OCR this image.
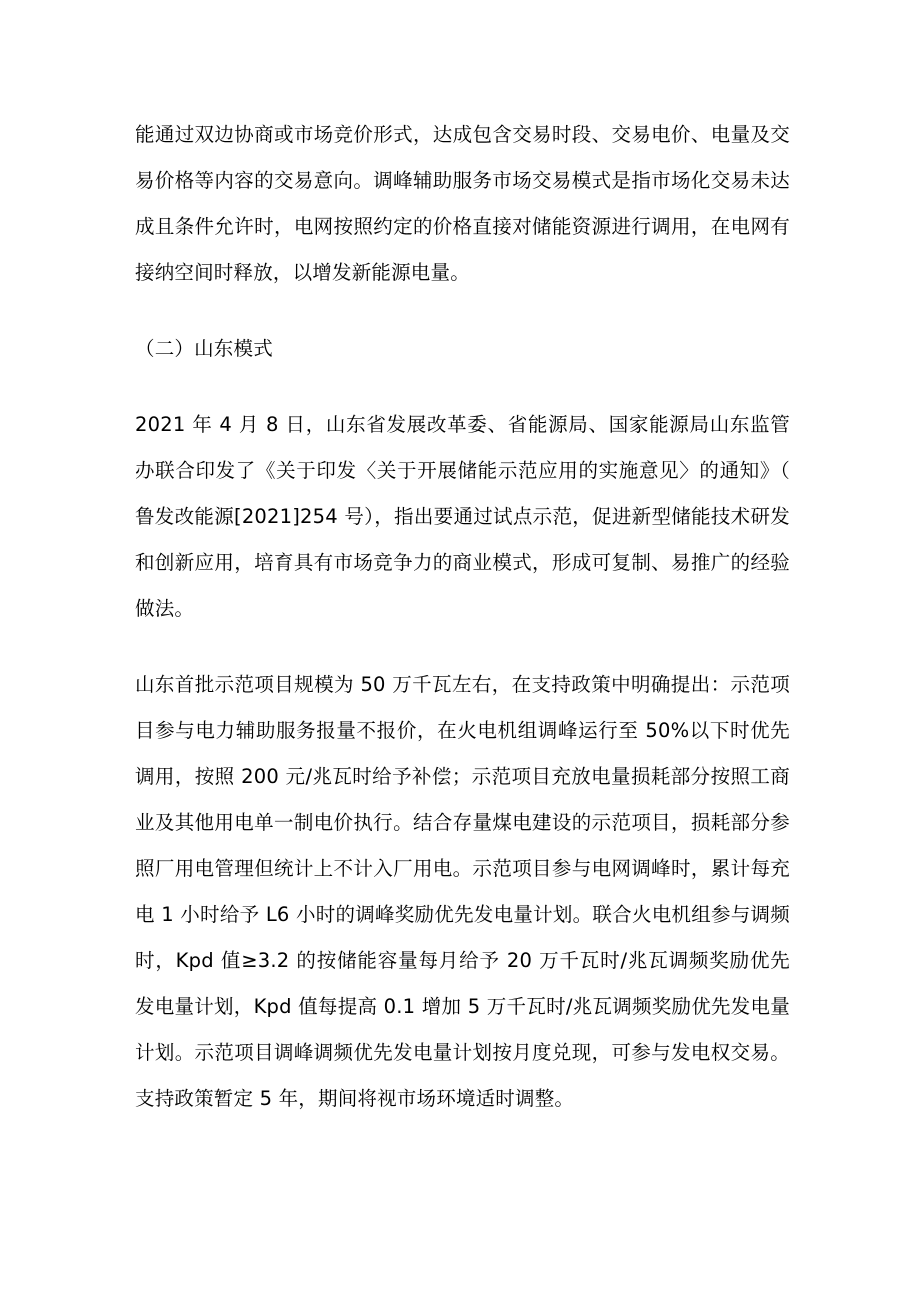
能通过双边协商或市场竞价形式，达成包含交易时段、交易电价、电量及交易价格等内容的交易意向。调峰辅助服务市场交易模式是指市场化交易未达成且条件允许时，电网按照约定的价格直接对储能资源进行调用，在电网有接纳空间时释放，以增发新能源电量。

（二）山东模式

2021 年 4 月 8 日，山东省发展改革委、省能源局、国家能源局山东监管办联合印发了《关于印发〈关于开展储能示范应用的实施意见〉的通知》（鲁发改能源[2021]254 号），指出要通过试点示范，促进新型储能技术研发和创新应用，培育具有市场竞争力的商业模式，形成可复制、易推广的经验做法。

山东首批示范项目规模为 50 万千瓦左右，在支持政策中明确提出：示范项目参与电力辅助服务报量不报价，在火电机组调峰运行至 50%以下时优先调用，按照 200 元/兆瓦时给予补偿；示范项目充放电量损耗部分按照工商业及其他用电单一制电价执行。结合存量煤电建设的示范项目，损耗部分参照厂用电管理但统计上不计入厂用电。示范项目参与电网调峰时，累计每充电 1 小时给予 L6 小时的调峰奖励优先发电量计划。联合火电机组参与调频时，Kpd 值≥3.2 的按储能容量每月给予 20 万千瓦时/兆瓦调频奖励优先发电量计划，Kpd 值每提高 0.1 增加 5 万千瓦时/兆瓦调频奖励优先发电量计划。示范项目调峰调频优先发电量计划按月度兑现，可参与发电权交易。支持政策暂定 5 年，期间将视市场环境适时调整。
